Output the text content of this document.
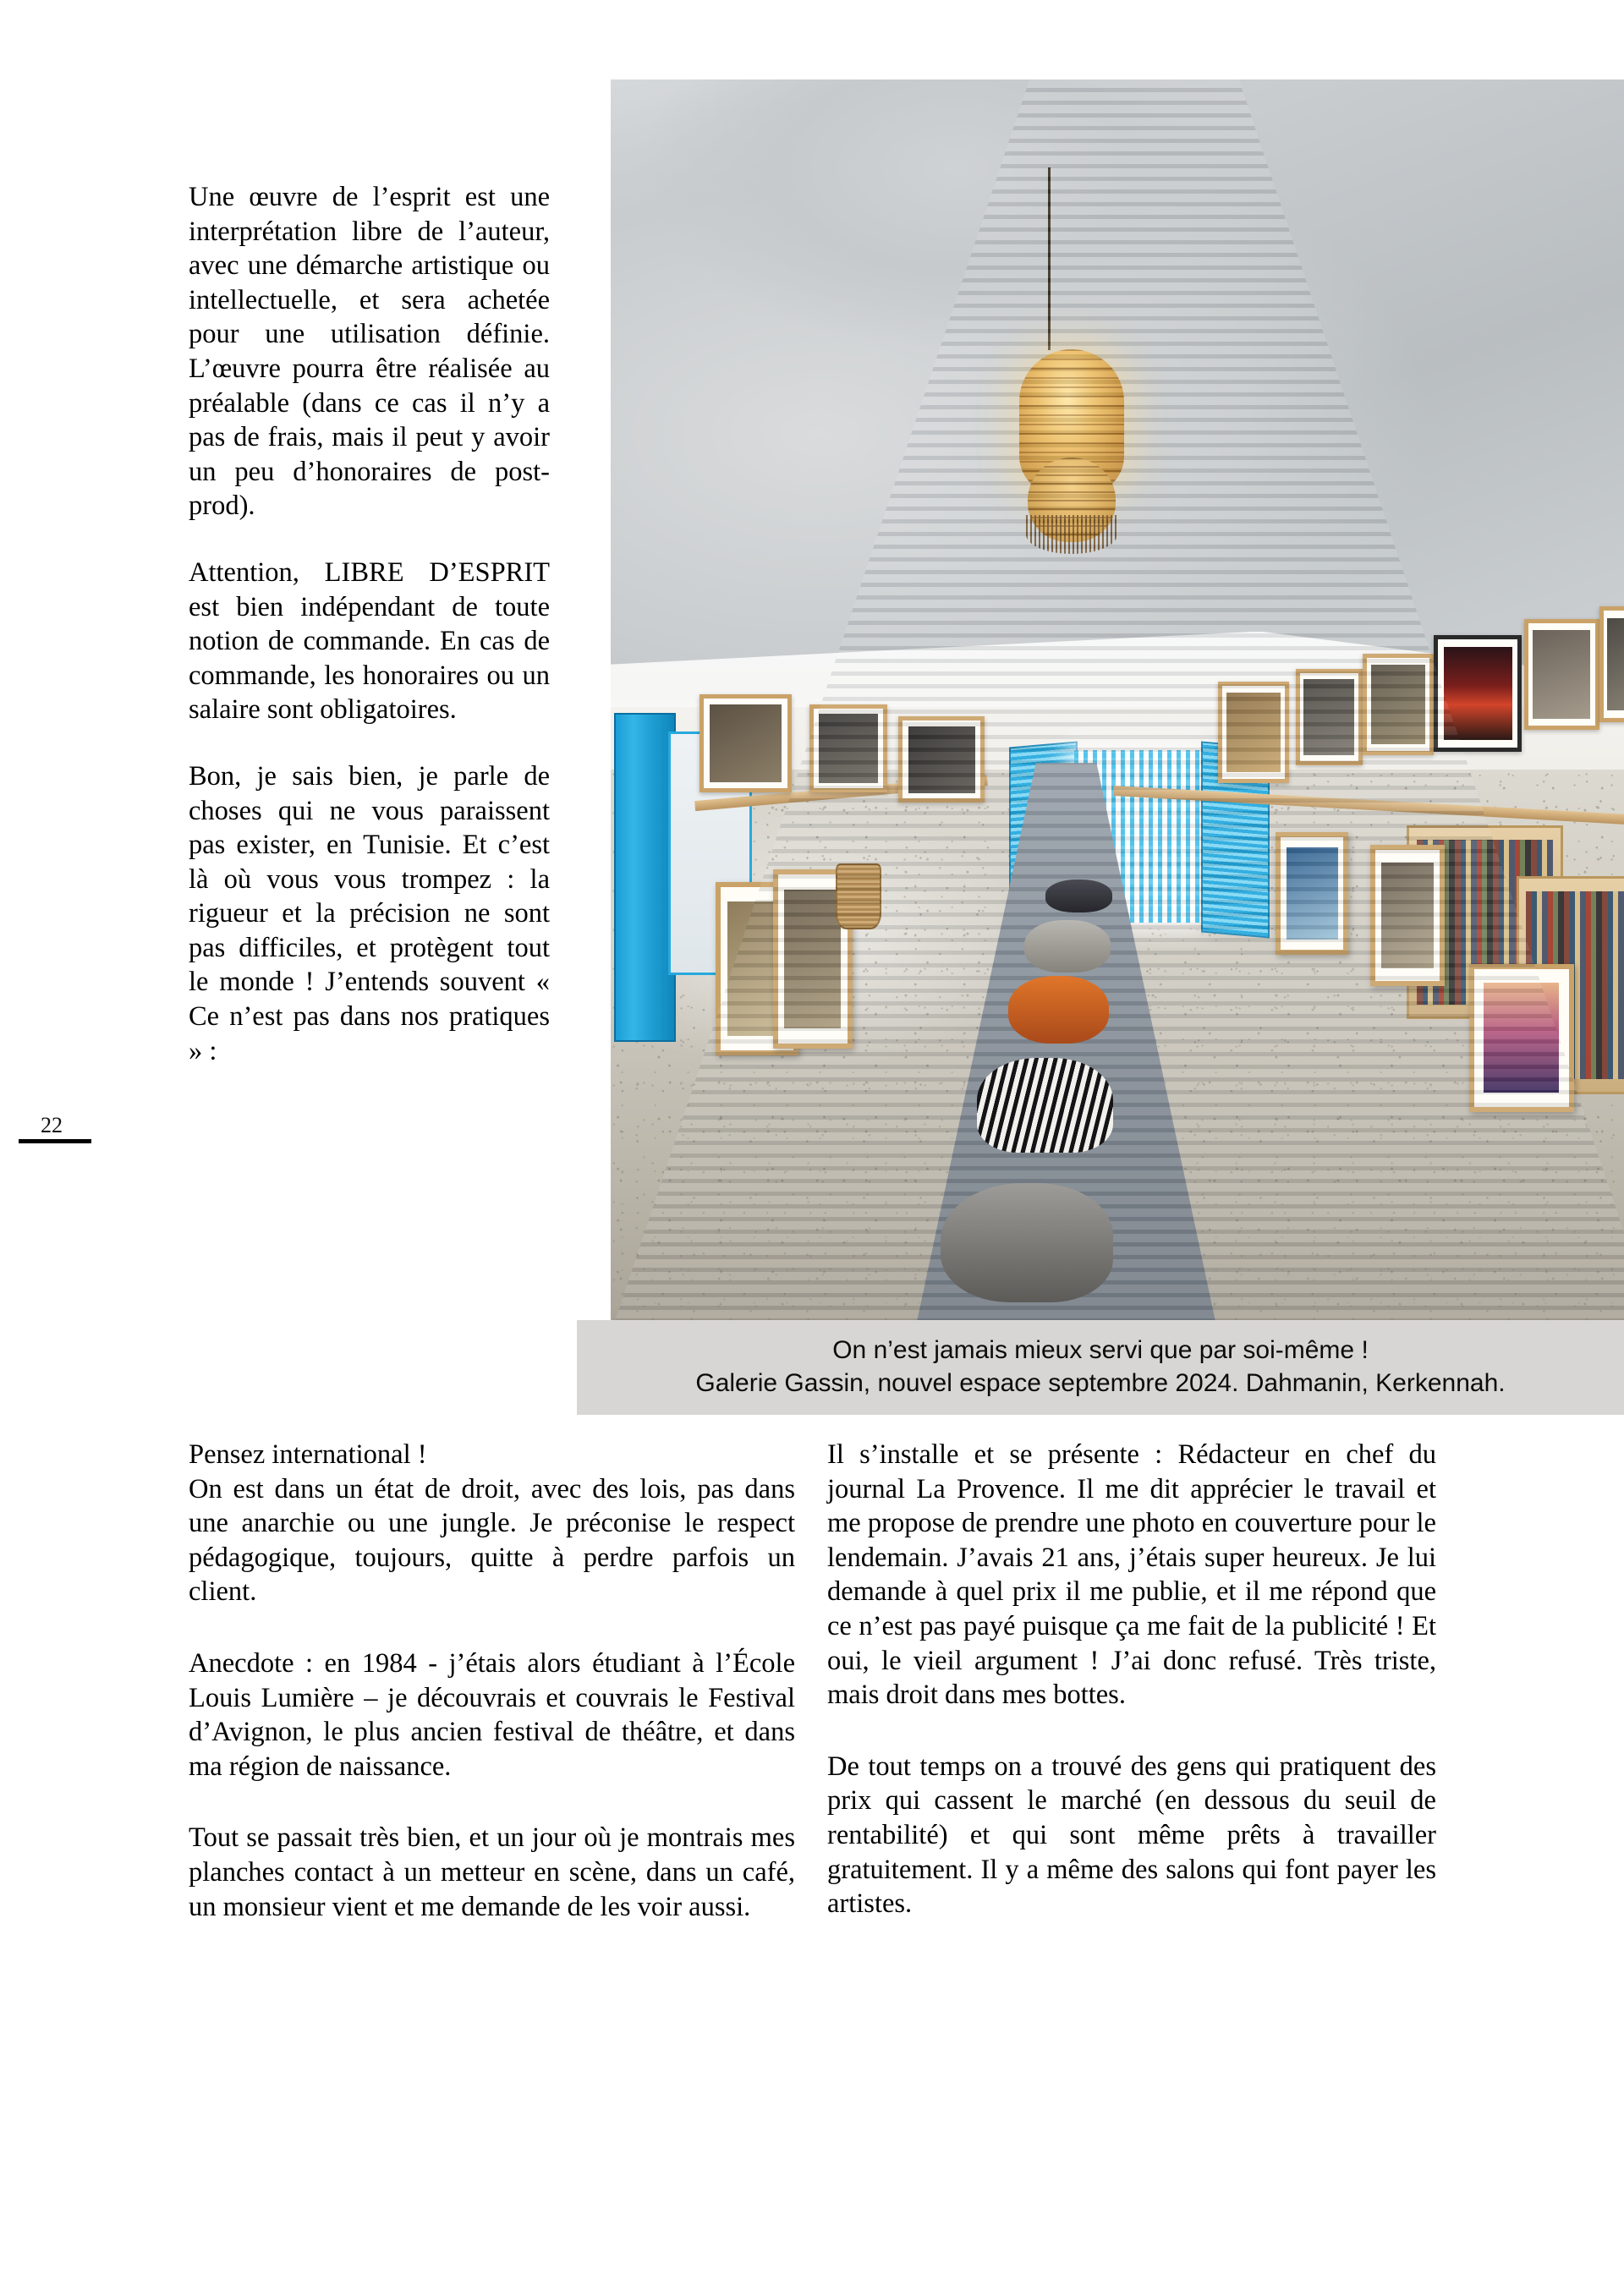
22
On n’est jamais mieux servi que par soi-même !
Galerie Gassin, nouvel espace septembre 2024. Dahmanin, Kerkennah.

Une œuvre de l’esprit est une interprétation libre de l’auteur, avec une démarche artistique ou intellectuelle, et sera achetée pour une utilisation définie. L’œuvre pourra être réalisée au préalable (dans ce cas il n’y a pas de frais, mais il peut y avoir un peu d’honoraires de post-prod).

Attention, LIBRE D’ESPRIT est bien indépendant de toute notion de commande. En cas de commande, les honoraires ou un salaire sont obligatoires.

Bon, je sais bien, je parle de choses qui ne vous paraissent pas exister, en Tunisie. Et c’est là où vous vous trompez : la rigueur et la précision ne sont pas difficiles, et protègent tout le monde ! J’entends souvent « Ce n’est pas dans nos pratiques » :

Pensez international !

On est dans un état de droit, avec des lois, pas dans une anarchie ou une jungle. Je préconise le respect pédagogique, toujours, quitte à perdre parfois un client.

Anecdote : en 1984 - j’étais alors étudiant à l’École Louis Lumière – je découvrais et couvrais le Festival d’Avignon, le plus ancien festival de théâtre, et dans ma région de naissance.

Tout se passait très bien, et un jour où je montrais mes planches contact à un metteur en scène, dans un café, un monsieur vient et me demande de les voir aussi.

Il s’installe et se présente : Rédacteur en chef du journal La Provence. Il me dit apprécier le travail et me propose de prendre une photo en couverture pour le lendemain. J’avais 21 ans, j’étais super heureux. Je lui demande à quel prix il me publie, et il me répond que ce n’est pas payé puisque ça me fait de la publicité ! Et oui, le vieil argument ! J’ai donc refusé. Très triste, mais droit dans mes bottes.

De tout temps on a trouvé des gens qui pratiquent des prix qui cassent le marché (en dessous du seuil de rentabilité) et qui sont même prêts à travailler gratuitement. Il y a même des salons qui font payer les artistes.
